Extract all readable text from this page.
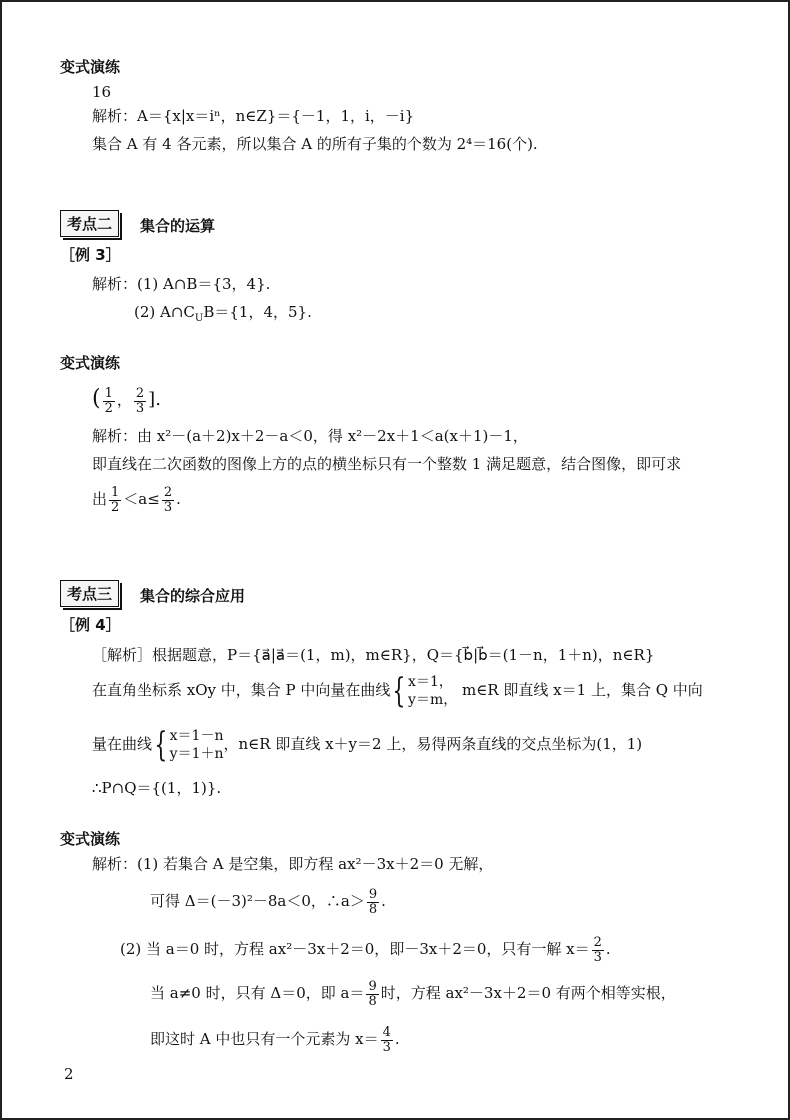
变式演练
16
解析：A＝{x|x＝iⁿ，n∈Z}＝{－1，1，i，－i}
集合 A 有 4 各元素，所以集合 A 的所有子集的个数为 2⁴＝16(个).
考点二	集合的运算
［例 3］
解析：(1) A∩B＝{3，4}.
(2) $A\cap C_UB=\{1$，4，5}.
变式演练
( $\frac{1}{2}$ ， $\frac{2}{3}$ ].
解析：由 x²－(a＋2)x＋2－a＜0，得 x²－2x＋1＜a(x＋1)－1，
即直线在二次函数的图像上方的点的横坐标只有一个整数 1 满足题意，结合图像，即可求
出 $\frac{1}{2} <a\le \frac{2}{3}$ .
考点三	集合的综合应用
［例 4］
［解析］根据题意，P＝{a⃗|a⃗＝(1，m)，m∈R}，Q＝{b⃗|b⃗＝(1－n，1＋n)，n∈R}
在直角坐标系 xOy 中，集合 P 中向量在曲线{ x＝1，
y＝m，
m∈R 即直线 x＝1 上，集合 Q 中向
量在曲线{ x＝1－n
y＝1＋n
，n∈R 即直线 x＋y＝2 上，易得两条直线的交点坐标为(1，1)
∴P∩Q＝{(1，1)}.
变式演练
解析：(1) 若集合 A 是空集，即方程 ax²－3x＋2＝0 无解，
可得 Δ＝(－3)²－8a＜0，∴a＞ $\frac{9}{8}$ .
(2) 当 a＝0 时，方程 ax²－3x＋2＝0，即－3x＋2＝0，只有一解 $x= \frac{2}{3}$ .
当 a≠0 时，只有 Δ＝0，即 $a= \frac{9}{8}$ 时，方程 ax²－3x＋2＝0 有两个相等实根，
即这时 A 中也只有一个元素为 $x= \frac{4}{3}$ .
2
